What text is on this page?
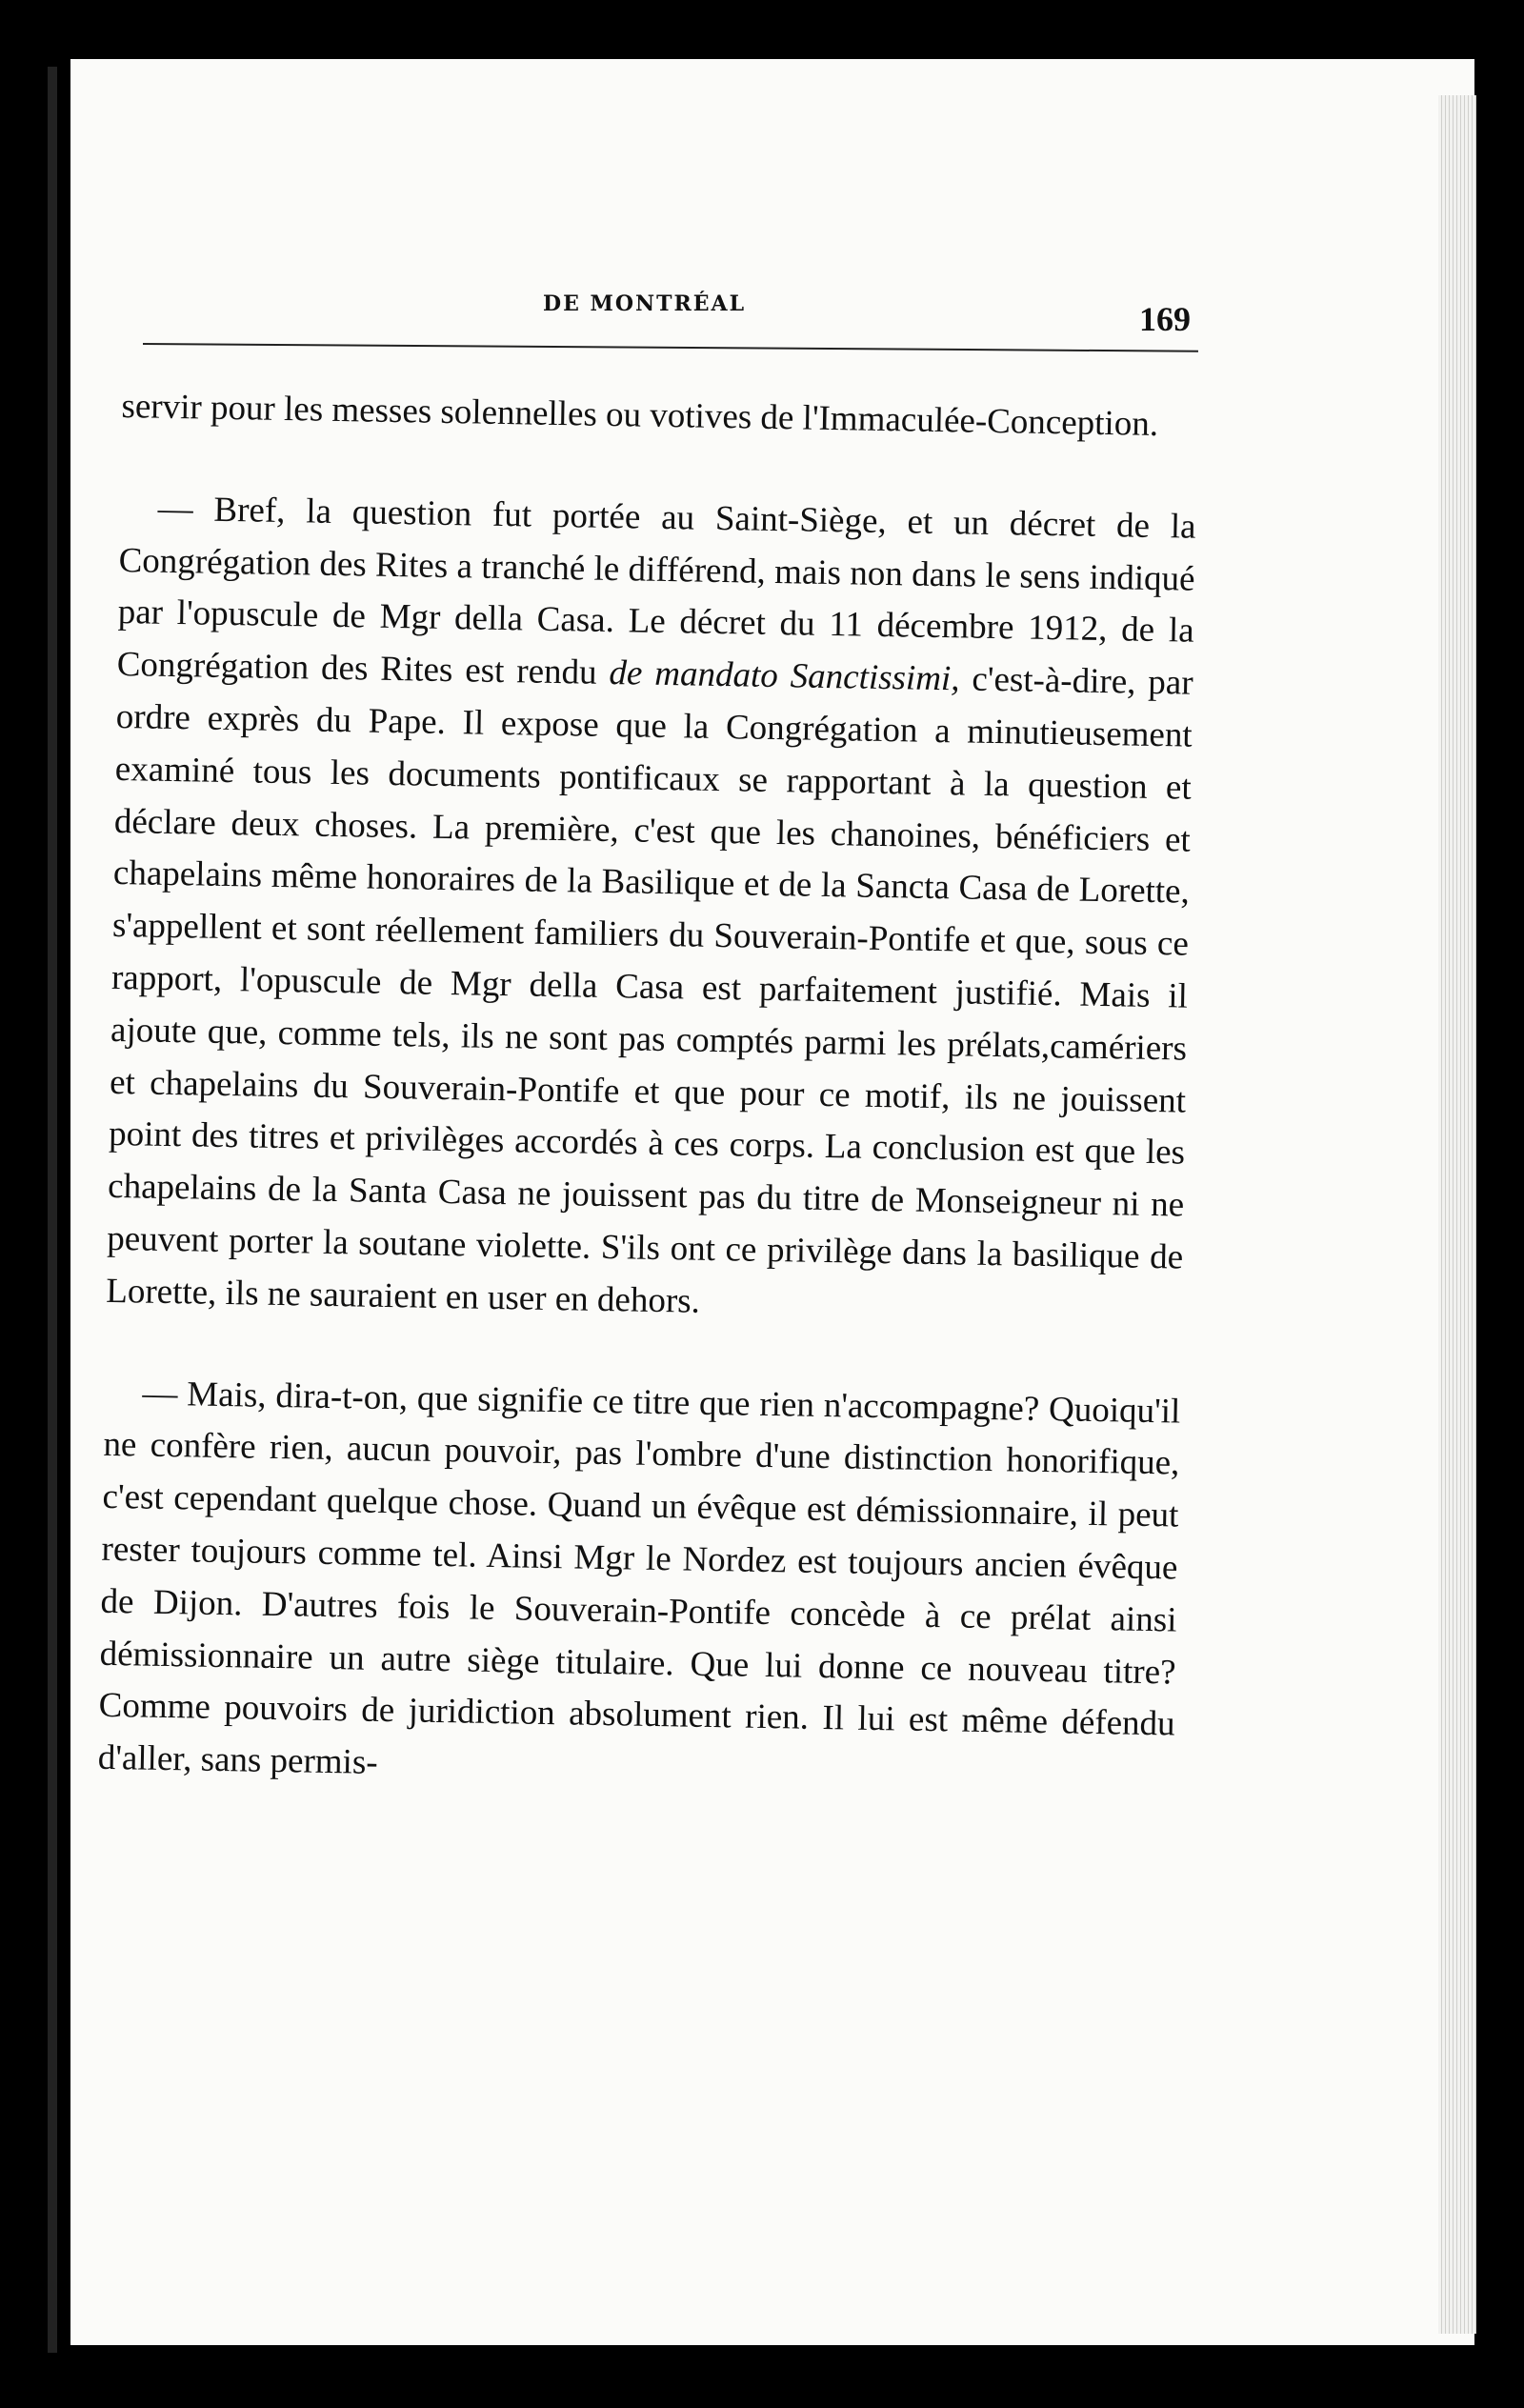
DE MONTRÉAL	169

servir pour les messes solennelles ou votives de l'Immaculée-Conception.

— Bref, la question fut portée au Saint-Siège, et un décret de la Congrégation des Rites a tranché le différend, mais non dans le sens indiqué par l'opuscule de Mgr della Casa. Le décret du 11 décembre 1912, de la Congrégation des Rites est rendu de mandato Sanctissimi, c'est-à-dire, par ordre exprès du Pape. Il expose que la Congrégation a minutieusement examiné tous les documents pontificaux se rapportant à la question et déclare deux choses. La première, c'est que les chanoines, bénéficiers et chapelains même honoraires de la Basilique et de la Sancta Casa de Lorette, s'appellent et sont réellement familiers du Souverain-Pontife et que, sous ce rapport, l'opuscule de Mgr della Casa est parfaitement justifié. Mais il ajoute que, comme tels, ils ne sont pas comptés parmi les prélats,camériers et chapelains du Souverain-Pontife et que pour ce motif, ils ne jouissent point des titres et privilèges accordés à ces corps. La conclusion est que les chapelains de la Santa Casa ne jouissent pas du titre de Monseigneur ni ne peuvent porter la soutane violette. S'ils ont ce privilège dans la basilique de Lorette, ils ne sauraient en user en dehors.

— Mais, dira-t-on, que signifie ce titre que rien n'accompagne? Quoiqu'il ne confère rien, aucun pouvoir, pas l'ombre d'une distinction honorifique, c'est cependant quelque chose. Quand un évêque est démissionnaire, il peut rester toujours comme tel. Ainsi Mgr le Nordez est toujours ancien évêque de Dijon. D'autres fois le Souverain-Pontife concède à ce prélat ainsi démissionnaire un autre siège titulaire. Que lui donne ce nouveau titre? Comme pouvoirs de juridiction absolument rien. Il lui est même défendu d'aller, sans permis-
